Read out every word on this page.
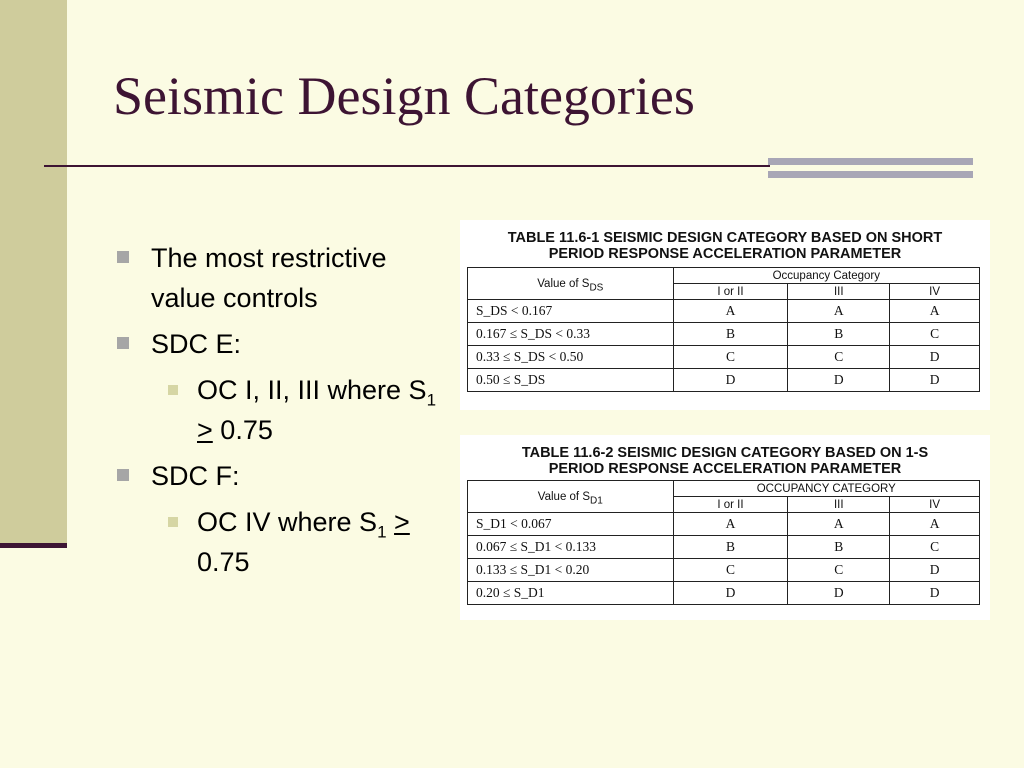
Seismic Design Categories
The most restrictive value controls
SDC E:
OC I, II, III where $S_1 > 0.75$
SDC F:
OC IV where $S_1 > 0.75$
TABLE 11.6-1 SEISMIC DESIGN CATEGORY BASED ON SHORT
PERIOD RESPONSE ACCELERATION PARAMETER
Value of $S_{DS}$	Occupancy Category		
	I or II	III	IV
S_DS < 0.167	A	A	A
0.167 ≤ S_DS < 0.33	B	B	C
0.33 ≤ S_DS < 0.50	C	C	D
0.50 ≤ S_DS	D	D	D
TABLE 11.6-2 SEISMIC DESIGN CATEGORY BASED ON 1-S
PERIOD RESPONSE ACCELERATION PARAMETER
Value of $S_{D1}$	OCCUPANCY CATEGORY		
	I or II	III	IV
S_D1 < 0.067	A	A	A
0.067 ≤ S_D1 < 0.133	B	B	C
0.133 ≤ S_D1 < 0.20	C	C	D
0.20 ≤ S_D1	D	D	D
